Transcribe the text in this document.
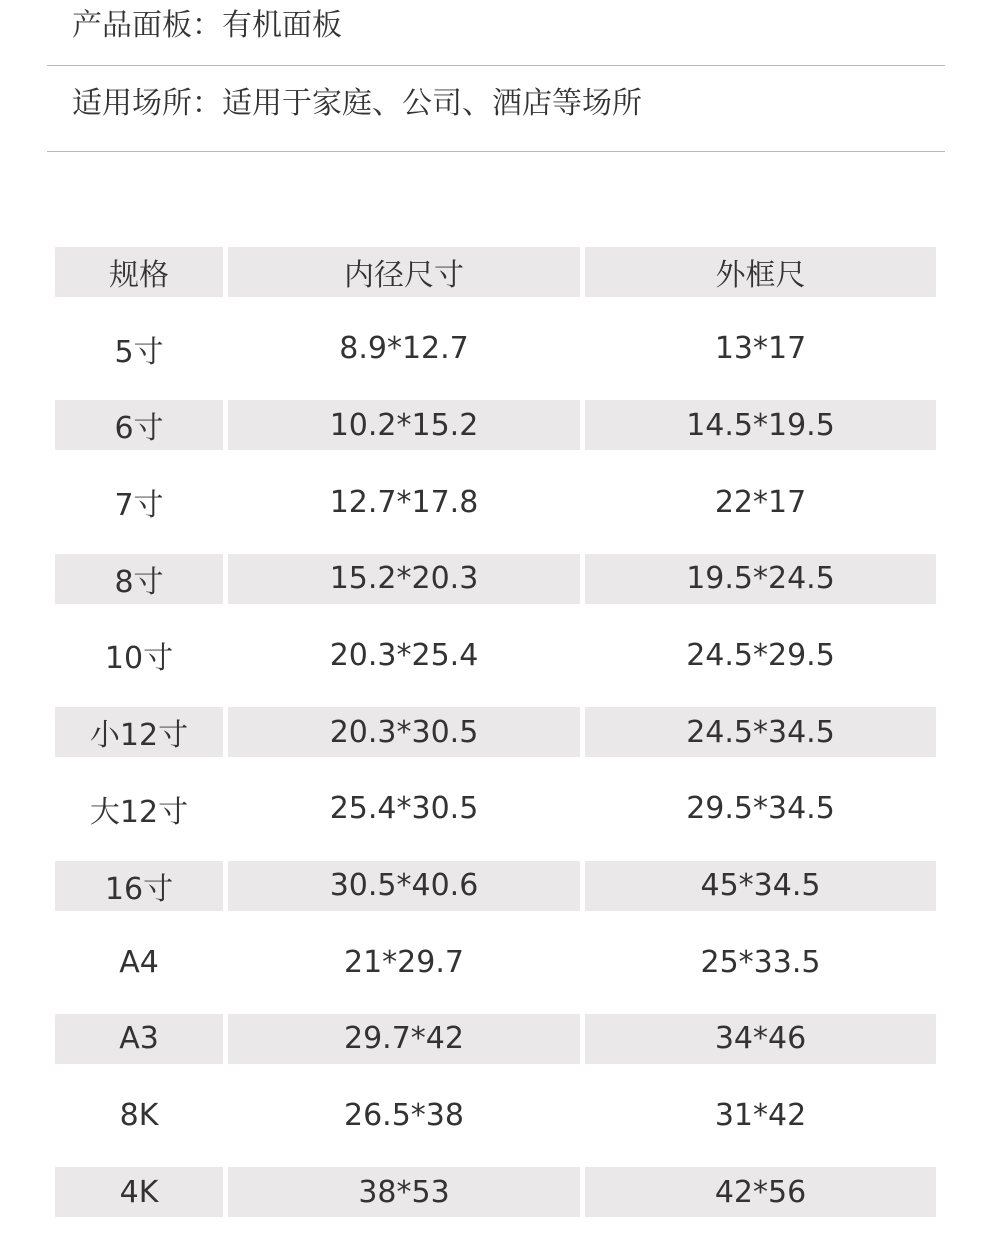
产品面板：有机面板
适用场所：适用于家庭、公司、酒店等场所
规格	内径尺寸	外框尺
5寸	8.9*12.7	13*17
6寸	10.2*15.2	14.5*19.5
7寸	12.7*17.8	22*17
8寸	15.2*20.3	19.5*24.5
10寸	20.3*25.4	24.5*29.5
小12寸	20.3*30.5	24.5*34.5
大12寸	25.4*30.5	29.5*34.5
16寸	30.5*40.6	45*34.5
A4	21*29.7	25*33.5
A3	29.7*42	34*46
8K	26.5*38	31*42
4K	38*53	42*56
